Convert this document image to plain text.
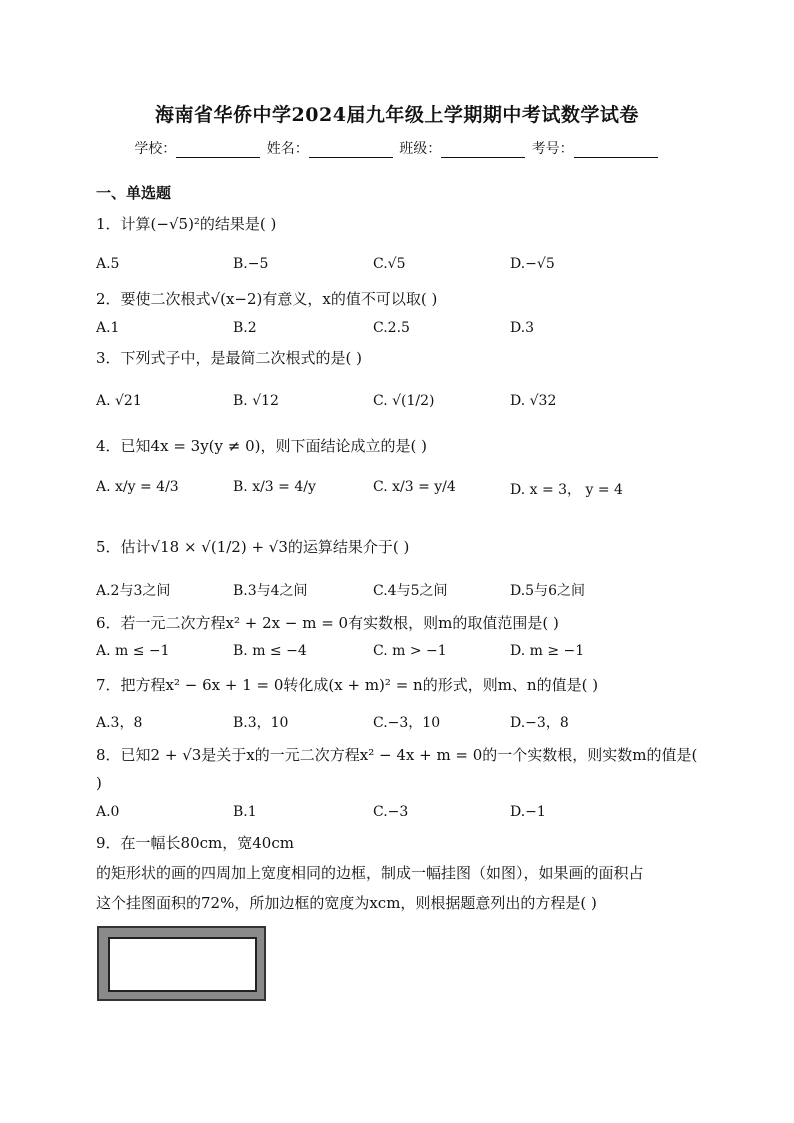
海南省华侨中学2024届九年级上学期期中考试数学试卷
学校：	姓名：	班级：	考号：
一、单选题
1．计算(−√5)²的结果是( )
A.5	B.−5	C.√5	D.−√5
2．要使二次根式√(x−2)有意义，x的值不可以取( )
A.1	B.2	C.2.5	D.3
3．下列式子中，是最简二次根式的是( )
A. √21	B. √12	C. √(1/2)	D. √32
4．已知4x = 3y(y ≠ 0)，则下面结论成立的是( )
A. x/y = 4/3	B. x/3 = 4/y	C. x/3 = y/4	D. x = 3， y = 4
5．估计√18 × √(1/2) + √3的运算结果介于( )
A.2与3之间	B.3与4之间	C.4与5之间	D.5与6之间
6．若一元二次方程x² + 2x − m = 0有实数根，则m的取值范围是( )
A. m ≤ −1	B. m ≤ −4	C. m > −1	D. m ≥ −1
7．把方程x² − 6x + 1 = 0转化成(x + m)² = n的形式，则m、n的值是( )
A.3，8	B.3，10	C.−3，10	D.−3，8
8．已知2 + √3是关于x的一元二次方程x² − 4x + m = 0的一个实数根，则实数m的值是(
)
A.0	B.1	C.−3	D.−1
9．在一幅长80cm，宽40cm
的矩形状的画的四周加上宽度相同的边框，制成一幅挂图（如图），如果画的面积占
这个挂图面积的72%，所加边框的宽度为xcm，则根据题意列出的方程是( )
